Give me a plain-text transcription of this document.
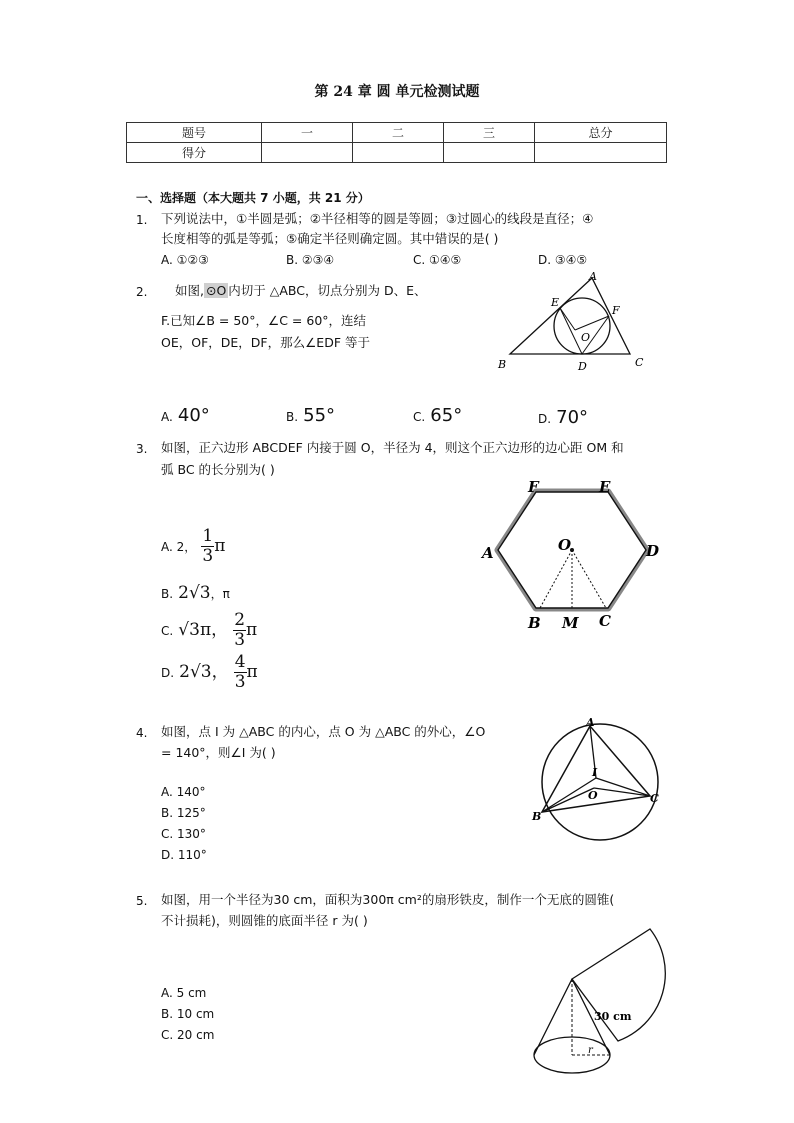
第 24 章 圆 单元检测试题
题号	一	二	三	总分
得分				
一、选择题（本大题共 7 小题，共 21 分）
1. 下列说法中，①半圆是弧；②半径相等的圆是等圆；③过圆心的线段是直径；④
长度相等的弧是等弧；⑤确定半径则确定圆。其中错误的是( )
A. ①②③	B. ②③④	C. ①④⑤	D. ③④⑤
2. 如图, ⊙O 内切于 △ABC，切点分别为 D、E、
F.已知∠B = 50°，∠C = 60°，连结
OE，OF，DE，DF，那么∠EDF 等于
A
E
F
O
B	D	C
A. 40°	B. 55°	C. 65°	D. 70°
3. 如图，正六边形 ABCDEF 内接于圆 O，半径为 4，则这个正六边形的边心距 OM 和
弧 BC 的长分别为( )
F	E
A	D
O
B M C
A. 2， $\frac{1}{3}$ π
B. 2√3，π
C. √3π， $\frac{2}{3}$ π
D. 2√3， $\frac{4}{3}$ π
4. 如图，点 I 为 △ABC 的内心，点 O 为 △ABC 的外心，∠O
= 140°，则∠I 为( )
A
I
O
B
C
A. 140°
B. 125°
C. 130°
D. 110°
5. 如图，用一个半径为30 cm，面积为300π cm²的扇形铁皮，制作一个无底的圆锥(
不计损耗)，则圆锥的底面半径 r 为( )
30 cm
r
A. 5 cm
B. 10 cm
C. 20 cm
